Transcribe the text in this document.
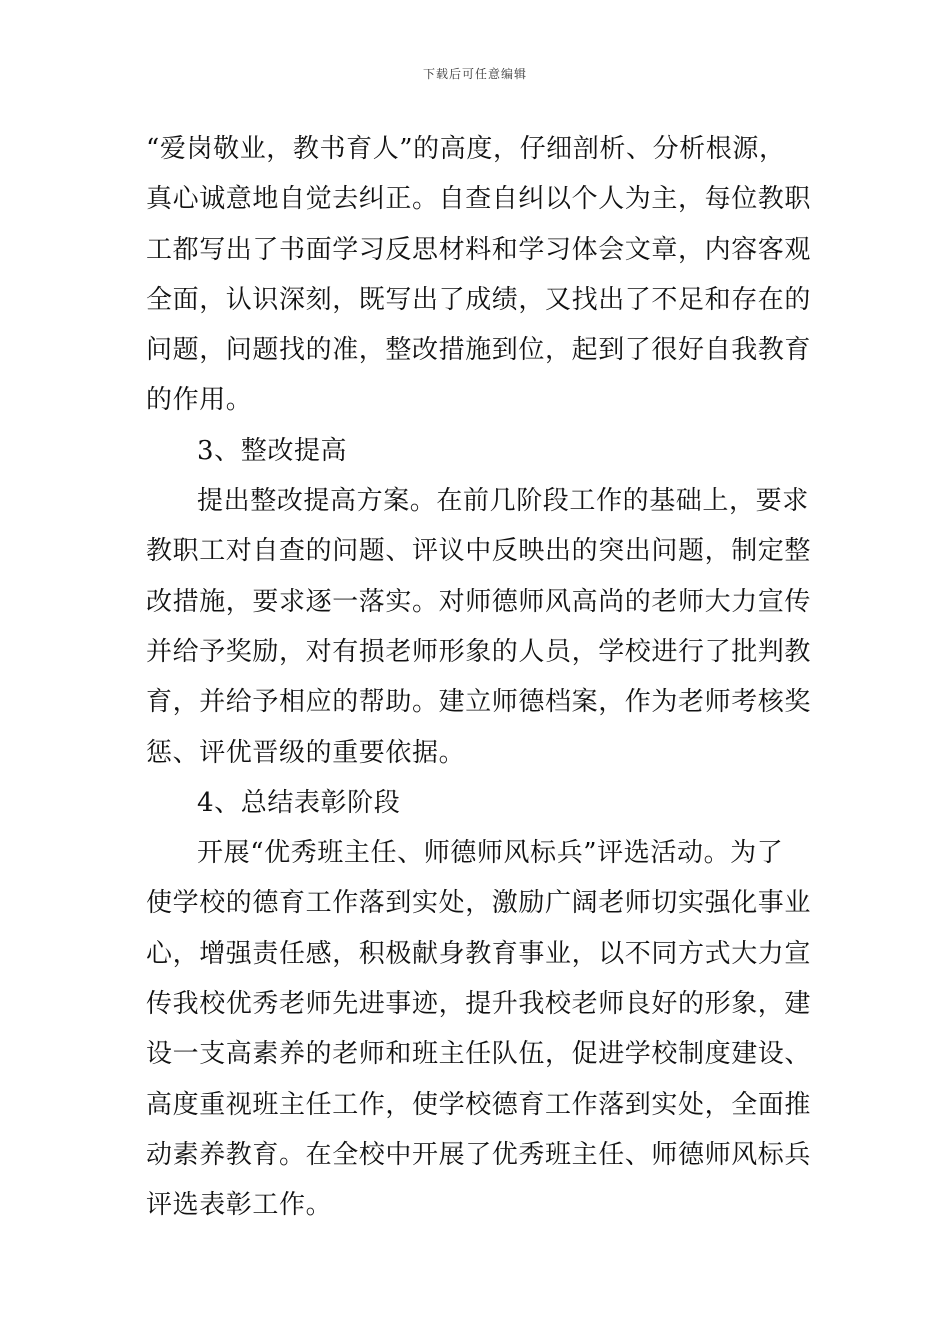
下载后可任意编辑
“爱岗敬业，教书育人”的高度，仔细剖析、分析根源，
真心诚意地自觉去纠正。自查自纠以个人为主，每位教职
工都写出了书面学习反思材料和学习体会文章，内容客观
全面，认识深刻，既写出了成绩，又找出了不足和存在的
问题，问题找的准，整改措施到位，起到了很好自我教育
的作用。
3、整改提高
提出整改提高方案。在前几阶段工作的基础上，要求
教职工对自查的问题、评议中反映出的突出问题，制定整
改措施，要求逐一落实。对师德师风高尚的老师大力宣传
并给予奖励，对有损老师形象的人员，学校进行了批判教
育，并给予相应的帮助。建立师德档案，作为老师考核奖
惩、评优晋级的重要依据。
4、总结表彰阶段
开展“优秀班主任、师德师风标兵”评选活动。为了
使学校的德育工作落到实处，激励广阔老师切实强化事业
心，增强责任感，积极献身教育事业，以不同方式大力宣
传我校优秀老师先进事迹，提升我校老师良好的形象，建
设一支高素养的老师和班主任队伍，促进学校制度建设、
高度重视班主任工作，使学校德育工作落到实处，全面推
动素养教育。在全校中开展了优秀班主任、师德师风标兵
评选表彰工作。
